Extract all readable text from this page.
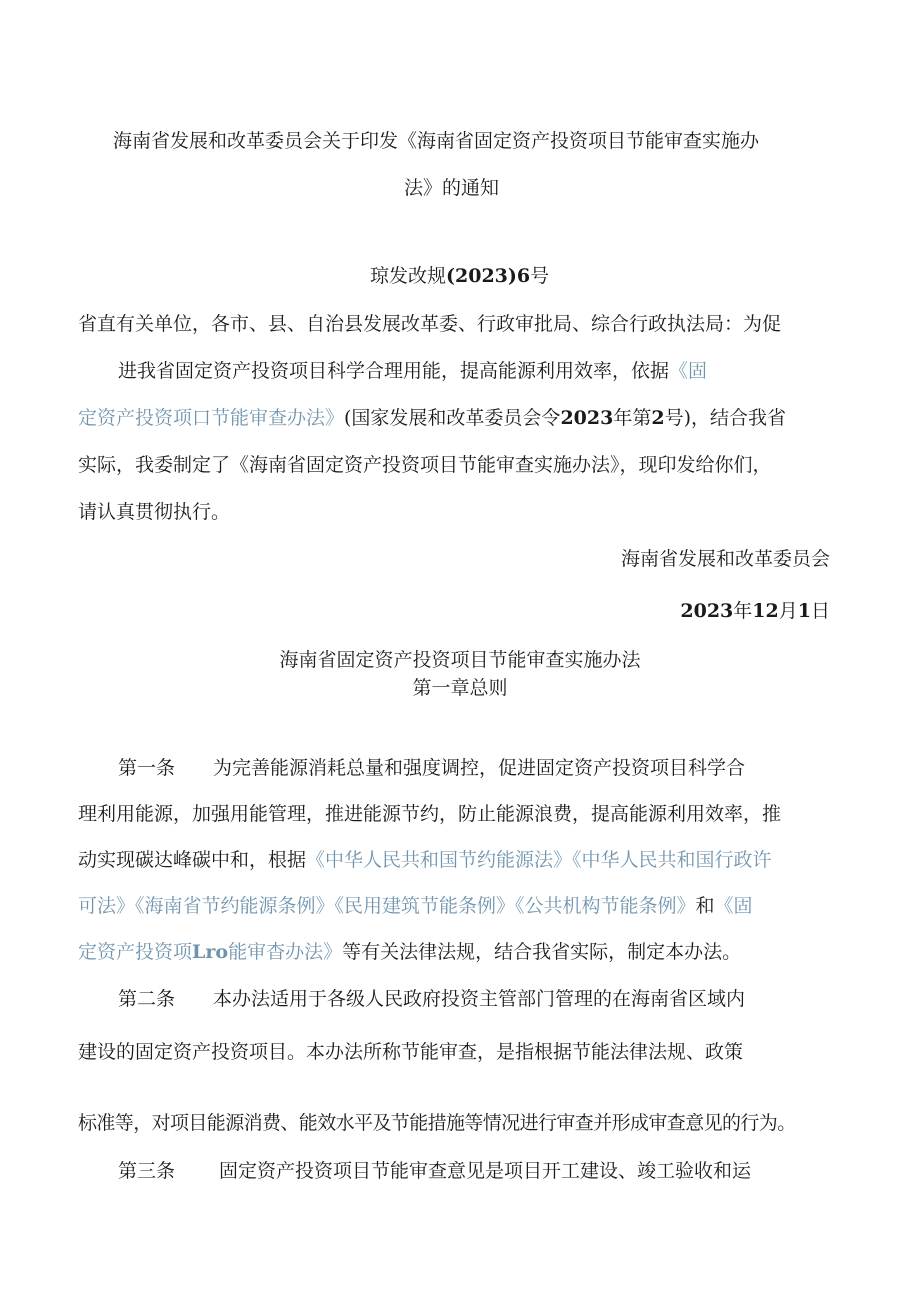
海南省发展和改革委员会关于印发《海南省固定资产投资项目节能审查实施办
法》的通知
琼发改规(2023)6号
省直有关单位，各市、县、自治县发展改革委、行政审批局、综合行政执法局：为促
进我省固定资产投资项目科学合理用能，提高能源利用效率，依据《固
定资产投资项口节能审查办法》(国家发展和改革委员会令2023年第2号)，结合我省
实际，我委制定了《海南省固定资产投资项目节能审查实施办法》，现印发给你们，
请认真贯彻执行。
海南省发展和改革委员会
2023年12月1日
海南省固定资产投资项目节能审查实施办法
第一章总则
第一条 为完善能源消耗总量和强度调控，促进固定资产投资项目科学合
理利用能源，加强用能管理，推进能源节约，防止能源浪费，提高能源利用效率，推
动实现碳达峰碳中和，根据《中华人民共和国节约能源法》《中华人民共和国行政许
可法》《海南省节约能源条例》《民用建筑节能条例》《公共机构节能条例》和《固
定资产投资项Lro能审杳办法》等有关法律法规，结合我省实际，制定本办法。
第二条 本办法适用于各级人民政府投资主管部门管理的在海南省区域内
建设的固定资产投资项目。本办法所称节能审查，是指根据节能法律法规、政策
标准等，对项目能源消费、能效水平及节能措施等情况进行审查并形成审查意见的行为。
第三条 固定资产投资项目节能审查意见是项目开工建设、竣工验收和运
